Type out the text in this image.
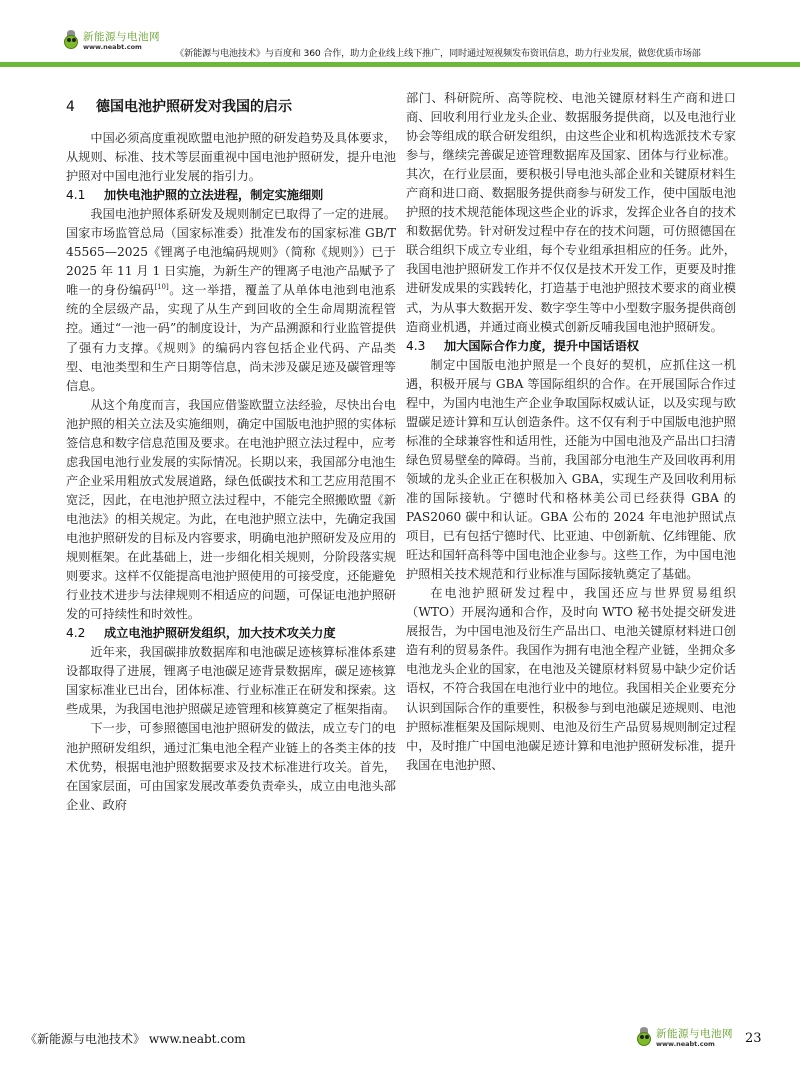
新能源与电池网
www.neabt.com
《新能源与电池技术》与百度和 360 合作，助力企业线上线下推广，同时通过短视频发布资讯信息，助力行业发展，做您优质市场部
4 德国电池护照研发对我国的启示

中国必须高度重视欧盟电池护照的研发趋势及具体要求，从规则、标准、技术等层面重视中国电池护照研发，提升电池护照对中国电池行业发展的指引力。

4.1 加快电池护照的立法进程，制定实施细则

我国电池护照体系研发及规则制定已取得了一定的进展。国家市场监管总局（国家标准委）批准发布的国家标准 GB/T 45565—2025《锂离子电池编码规则》（简称《规则》）已于 2025 年 11 月 1 日实施，为新生产的锂离子电池产品赋予了唯一的身份编码[10]。这一举措，覆盖了从单体电池到电池系统的全层级产品，实现了从生产到回收的全生命周期流程管控。通过“一池一码”的制度设计，为产品溯源和行业监管提供了强有力支撑。《规则》的编码内容包括企业代码、产品类型、电池类型和生产日期等信息，尚未涉及碳足迹及碳管理等信息。

从这个角度而言，我国应借鉴欧盟立法经验，尽快出台电池护照的相关立法及实施细则，确定中国版电池护照的实体标签信息和数字信息范围及要求。在电池护照立法过程中，应考虑我国电池行业发展的实际情况。长期以来，我国部分电池生产企业采用粗放式发展道路，绿色低碳技术和工艺应用范围不宽泛，因此，在电池护照立法过程中，不能完全照搬欧盟《新电池法》的相关规定。为此，在电池护照立法中，先确定我国电池护照研发的目标及内容要求，明确电池护照研发及应用的规则框架。在此基础上，进一步细化相关规则，分阶段落实规则要求。这样不仅能提高电池护照使用的可接受度，还能避免行业技术进步与法律规则不相适应的问题，可保证电池护照研发的可持续性和时效性。

4.2 成立电池护照研发组织，加大技术攻关力度

近年来，我国碳排放数据库和电池碳足迹核算标准体系建设都取得了进展，锂离子电池碳足迹背景数据库，碳足迹核算国家标准业已出台，团体标准、行业标准正在研发和探索。这些成果，为我国电池护照碳足迹管理和核算奠定了框架指南。

下一步，可参照德国电池护照研发的做法，成立专门的电池护照研发组织，通过汇集电池全程产业链上的各类主体的技术优势，根据电池护照数据要求及技术标准进行攻关。首先，在国家层面，可由国家发展改革委负责牵头，成立由电池头部企业、政府

部门、科研院所、高等院校、电池关键原材料生产商和进口商、回收利用行业龙头企业、数据服务提供商，以及电池行业协会等组成的联合研发组织，由这些企业和机构选派技术专家参与，继续完善碳足迹管理数据库及国家、团体与行业标准。其次，在行业层面，要积极引导电池头部企业和关键原材料生产商和进口商、数据服务提供商参与研发工作，使中国版电池护照的技术规范能体现这些企业的诉求，发挥企业各自的技术和数据优势。针对研发过程中存在的技术问题，可仿照德国在联合组织下成立专业组，每个专业组承担相应的任务。此外，我国电池护照研发工作并不仅仅是技术开发工作，更要及时推进研发成果的实践转化，打造基于电池护照技术要求的商业模式，为从事大数据开发、数字孪生等中小型数字服务提供商创造商业机遇，并通过商业模式创新反哺我国电池护照研发。
4.3 加大国际合作力度，提升中国话语权

制定中国版电池护照是一个良好的契机，应抓住这一机遇，积极开展与 GBA 等国际组织的合作。在开展国际合作过程中，为国内电池生产企业争取国际权威认证，以及实现与欧盟碳足迹计算和互认创造条件。这不仅有利于中国版电池护照标准的全球兼容性和适用性，还能为中国电池及产品出口扫清绿色贸易壁垒的障碍。当前，我国部分电池生产及回收再利用领域的龙头企业正在积极加入 GBA，实现生产及回收利用标准的国际接轨。宁德时代和格林美公司已经获得 GBA 的 PAS2060 碳中和认证。GBA 公布的 2024 年电池护照试点项目，已有包括宁德时代、比亚迪、中创新航、亿纬锂能、欣旺达和国轩高科等中国电池企业参与。这些工作，为中国电池护照相关技术规范和行业标准与国际接轨奠定了基础。

在电池护照研发过程中，我国还应与世界贸易组织（WTO）开展沟通和合作，及时向 WTO 秘书处提交研发进展报告，为中国电池及衍生产品出口、电池关键原材料进口创造有利的贸易条件。我国作为拥有电池全程产业链，坐拥众多电池龙头企业的国家，在电池及关键原材料贸易中缺少定价话语权，不符合我国在电池行业中的地位。我国相关企业要充分认识到国际合作的重要性，积极参与到电池碳足迹规则、电池护照标准框架及国际规则、电池及衍生产品贸易规则制定过程中，及时推广中国电池碳足迹计算和电池护照研发标准，提升我国在电池护照、

《新能源与电池技术》 www.neabt.com	新能源与电池网
www.neabt.com	23
